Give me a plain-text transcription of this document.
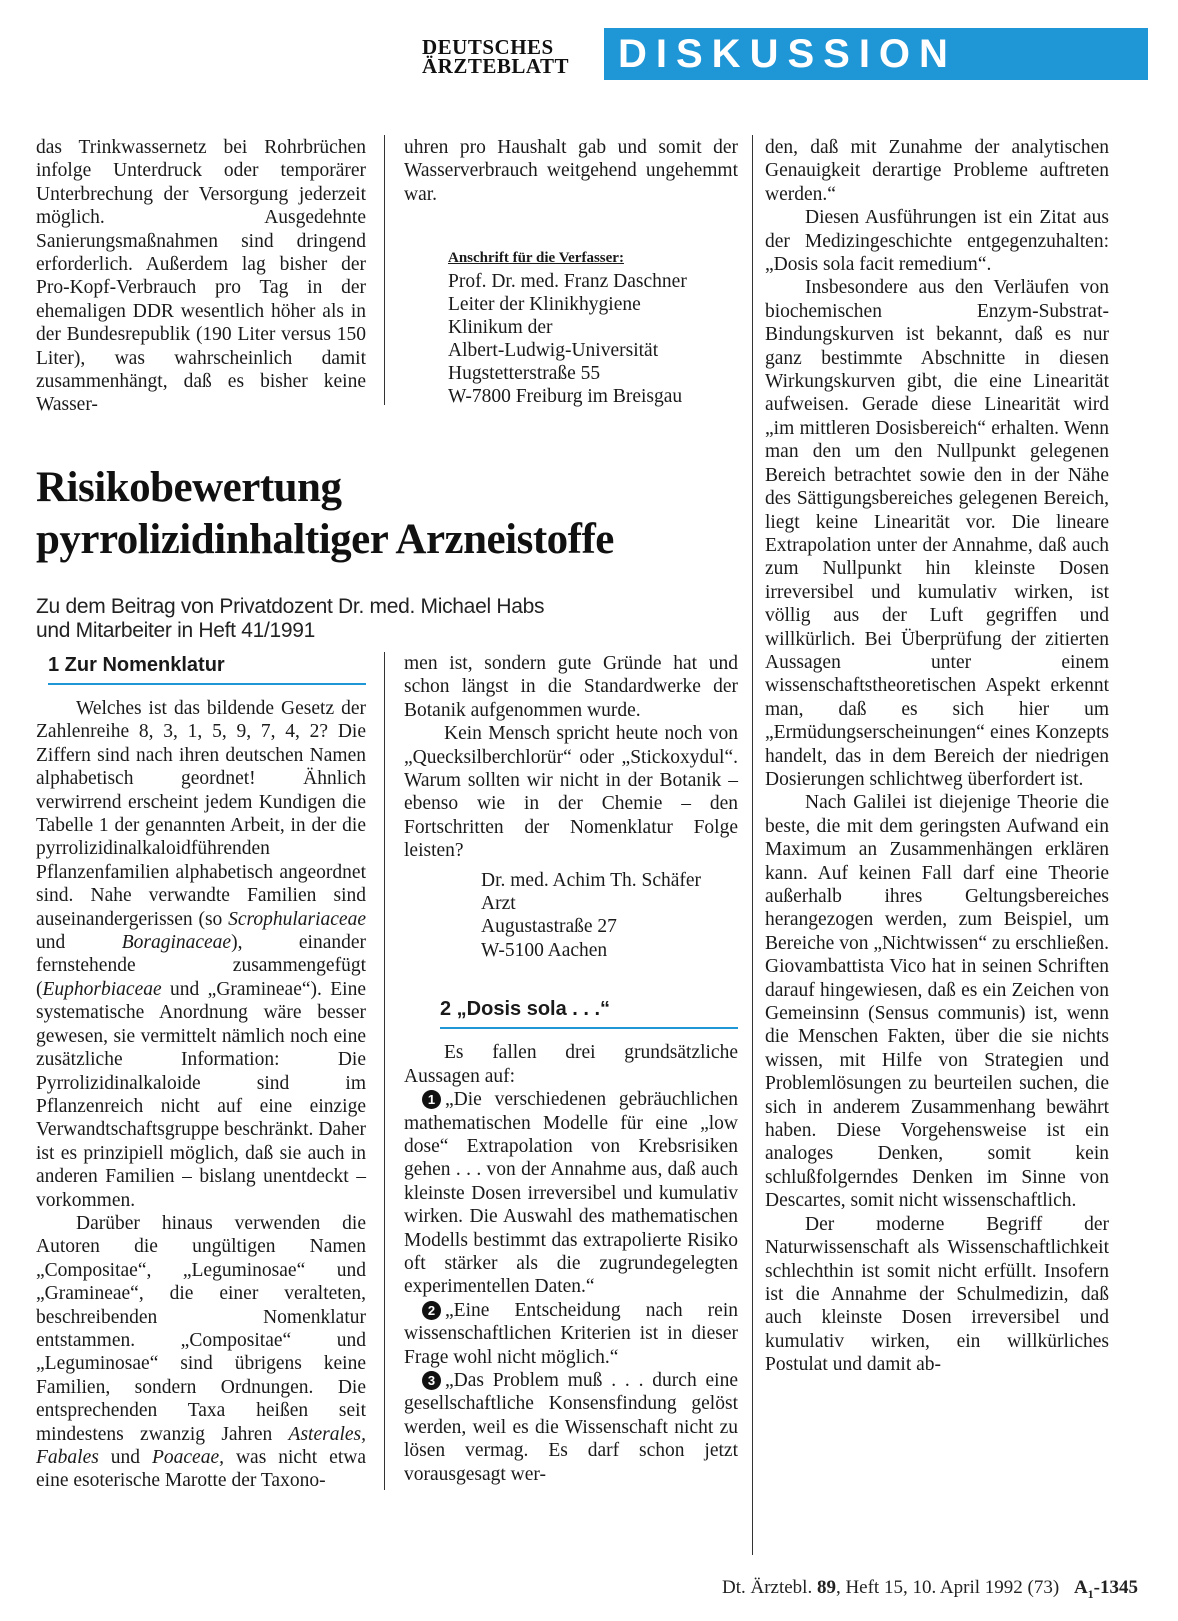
DEUTSCHES
ÄRZTEBLATT	DISKUSSION

das Trinkwassernetz bei Rohrbrüchen infolge Unterdruck oder temporärer Unterbrechung der Versorgung jederzeit möglich. Ausgedehnte Sanierungsmaßnahmen sind dringend erforderlich. Außerdem lag bisher der Pro-Kopf-Verbrauch pro Tag in der ehemaligen DDR wesentlich höher als in der Bundesrepublik (190 Liter versus 150 Liter), was wahrscheinlich damit zusammenhängt, daß es bisher keine Wasser-

uhren pro Haushalt gab und somit der Wasserverbrauch weitgehend ungehemmt war.

Anschrift für die Verfasser:
Prof. Dr. med. Franz Daschner
Leiter der Klinikhygiene
Klinikum der
Albert-Ludwig-Universität
Hugstetterstraße 55
W-7800 Freiburg im Breisgau
Risikobewertung
pyrrolizidinhaltiger Arzneistoffe
Zu dem Beitrag von Privatdozent Dr. med. Michael Habs
und Mitarbeiter in Heft 41/1991
1 Zur Nomenklatur

Welches ist das bildende Gesetz der Zahlenreihe 8, 3, 1, 5, 9, 7, 4, 2? Die Ziffern sind nach ihren deutschen Namen alphabetisch geordnet! Ähnlich verwirrend erscheint jedem Kundigen die Tabelle 1 der genannten Arbeit, in der die pyrrolizidinalkaloidführenden Pflanzenfamilien alphabetisch angeordnet sind. Nahe verwandte Familien sind auseinandergerissen (so Scrophulariaceae und Boraginaceae), einander fernstehende zusammengefügt (Euphorbiaceae und „Gramineae“). Eine systematische Anordnung wäre besser gewesen, sie vermittelt nämlich noch eine zusätzliche Information: Die Pyrrolizidinalkaloide sind im Pflanzenreich nicht auf eine einzige Verwandtschaftsgruppe beschränkt. Daher ist es prinzipiell möglich, daß sie auch in anderen Familien – bislang unentdeckt – vorkommen.

Darüber hinaus verwenden die Autoren die ungültigen Namen „Compositae“, „Leguminosae“ und „Gramineae“, die einer veralteten, beschreibenden Nomenklatur entstammen. „Compositae“ und „Leguminosae“ sind übrigens keine Familien, sondern Ordnungen. Die entsprechenden Taxa heißen seit mindestens zwanzig Jahren Asterales, Fabales und Poaceae, was nicht etwa eine esoterische Marotte der Taxono-

men ist, sondern gute Gründe hat und schon längst in die Standardwerke der Botanik aufgenommen wurde.

Kein Mensch spricht heute noch von „Quecksilberchlorür“ oder „Stickoxydul“. Warum sollten wir nicht in der Botanik – ebenso wie in der Chemie – den Fortschritten der Nomenklatur Folge leisten?

Dr. med. Achim Th. Schäfer
Arzt
Augustastraße 27
W-5100 Aachen
2 „Dosis sola . . .“

Es fallen drei grundsätzliche Aussagen auf:

1 „Die verschiedenen gebräuchlichen mathematischen Modelle für eine „low dose“ Extrapolation von Krebsrisiken gehen . . . von der Annahme aus, daß auch kleinste Dosen irreversibel und kumulativ wirken. Die Auswahl des mathematischen Modells bestimmt das extrapolierte Risiko oft stärker als die zugrundegelegten experimentellen Daten.“

2 „Eine Entscheidung nach rein wissenschaftlichen Kriterien ist in dieser Frage wohl nicht möglich.“

3 „Das Problem muß . . . durch eine gesellschaftliche Konsensfindung gelöst werden, weil es die Wissenschaft nicht zu lösen vermag. Es darf schon jetzt vorausgesagt wer-

den, daß mit Zunahme der analytischen Genauigkeit derartige Probleme auftreten werden.“

Diesen Ausführungen ist ein Zitat aus der Medizingeschichte entgegenzuhalten: „Dosis sola facit remedium“.

Insbesondere aus den Verläufen von biochemischen Enzym-Substrat-Bindungskurven ist bekannt, daß es nur ganz bestimmte Abschnitte in diesen Wirkungskurven gibt, die eine Linearität aufweisen. Gerade diese Linearität wird „im mittleren Dosisbereich“ erhalten. Wenn man den um den Nullpunkt gelegenen Bereich betrachtet sowie den in der Nähe des Sättigungsbereiches gelegenen Bereich, liegt keine Linearität vor. Die lineare Extrapolation unter der Annahme, daß auch zum Nullpunkt hin kleinste Dosen irreversibel und kumulativ wirken, ist völlig aus der Luft gegriffen und willkürlich. Bei Überprüfung der zitierten Aussagen unter einem wissenschaftstheoretischen Aspekt erkennt man, daß es sich hier um „Ermüdungserscheinungen“ eines Konzepts handelt, das in dem Bereich der niedrigen Dosierungen schlichtweg überfordert ist.

Nach Galilei ist diejenige Theorie die beste, die mit dem geringsten Aufwand ein Maximum an Zusammenhängen erklären kann. Auf keinen Fall darf eine Theorie außerhalb ihres Geltungsbereiches herangezogen werden, zum Beispiel, um Bereiche von „Nichtwissen“ zu erschließen. Giovambattista Vico hat in seinen Schriften darauf hingewiesen, daß es ein Zeichen von Gemeinsinn (Sensus communis) ist, wenn die Menschen Fakten, über die sie nichts wissen, mit Hilfe von Strategien und Problemlösungen zu beurteilen suchen, die sich in anderem Zusammenhang bewährt haben. Diese Vorgehensweise ist ein analoges Denken, somit kein schlußfolgerndes Denken im Sinne von Descartes, somit nicht wissenschaftlich.

Der moderne Begriff der Naturwissenschaft als Wissenschaftlichkeit schlechthin ist somit nicht erfüllt. Insofern ist die Annahme der Schulmedizin, daß auch kleinste Dosen irreversibel und kumulativ wirken, ein willkürliches Postulat und damit ab-

Dt. Ärztebl. 89, Heft 15, 10. April 1992 (73) $A_1-1345$
